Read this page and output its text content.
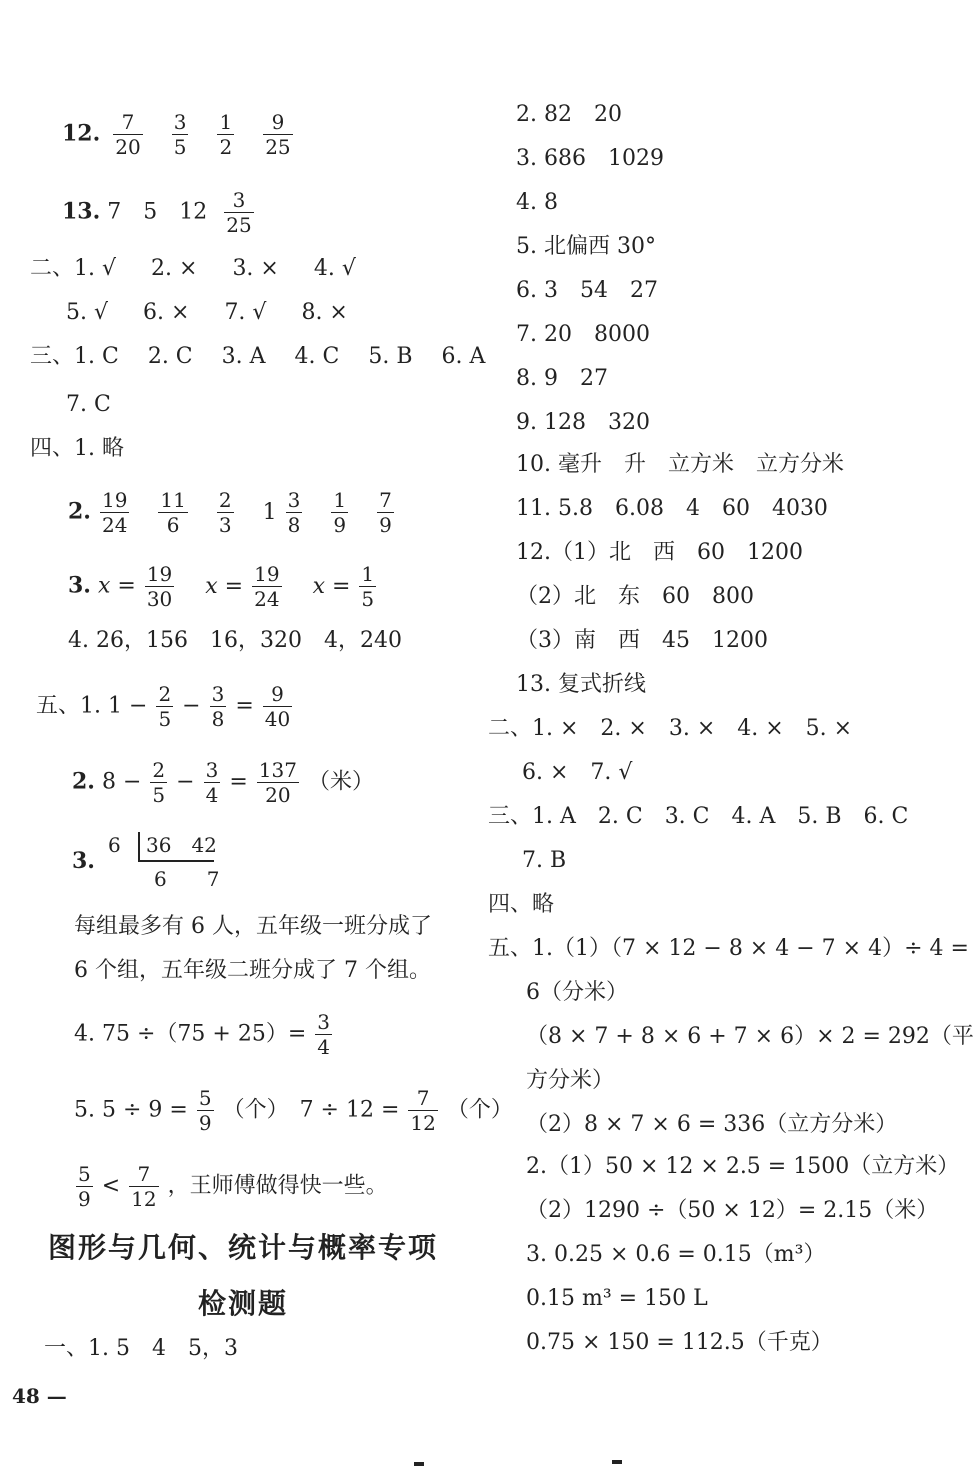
12. $\frac{7}{20}$
$\frac{3}{5}$
$\frac{1}{2}$
$\frac{9}{25}$
13. 7　5　$12 \frac{3}{25}$
二、1. √ 2. × 3. × 4. √
5. √ 6. × 7. √ 8. ×
三、1. C 2. C 3. A 4. C 5. B 6. A
7. C
四、1. 略
2. $\frac{19}{24}$
$\frac{11}{6}$
$\frac{2}{3} 1 \frac{3}{8}$
$\frac{1}{9}$
$\frac{7}{9}$
3. $x = \frac{19}{30}$ $x = \frac{19}{24}$ $x = \frac{1}{5}$
4. 26，156　16，320　4，240
五、1. $1 - \frac{2}{5} - \frac{3}{8} = \frac{9}{40}$
2. $8 - \frac{2}{5} - \frac{3}{4} = \frac{137}{20}$ （米）
3.
6 36　42
6　　7
每组最多有 6 人，五年级一班分成了
6 个组，五年级二班分成了 7 个组。
4. $75 \div(75 + 25)= \frac{3}{4}$
5. $5 \div 9 = \frac{5}{9}$ （个）　$7 \div 12 = \frac{7}{12}$ （个）
$\frac{5}{9} < \frac{7}{12}$ ，王师傅做得快一些。
图形与几何、统计与概率专项
检测题
一、1. 5　4　5，3
48 —
2. 82　20
3. 686　1029
4. 8
5. 北偏西 30°
6. 3　54　27
7. 20　8000
8. 9　27
9. 128　320
10. 毫升　升　立方米　立方分米
11. 5.8　6.08　4　60　4030
12.（1）北　西　60　1200
（2）北　东　60　800
（3）南　西　45　1200
13. 复式折线
二、1. ×　2. ×　3. ×　4. ×　5. ×
6. ×　7. √
三、1. A　2. C　3. C　4. A　5. B　6. C
7. B
四、略
五、1.（1）（7 × 12 − 8 × 4 − 7 × 4）÷ 4 =
6（分米）
（8 × 7 + 8 × 6 + 7 × 6）× 2 = 292（平
方分米）
（2）8 × 7 × 6 = 336（立方分米）
2.（1）50 × 12 × 2.5 = 1500（立方米）
（2）1290 ÷（50 × 12）= 2.15（米）
3. 0.25 × 0.6 = 0.15（m³）
0.15 m³ = 150 L
0.75 × 150 = 112.5（千克）
